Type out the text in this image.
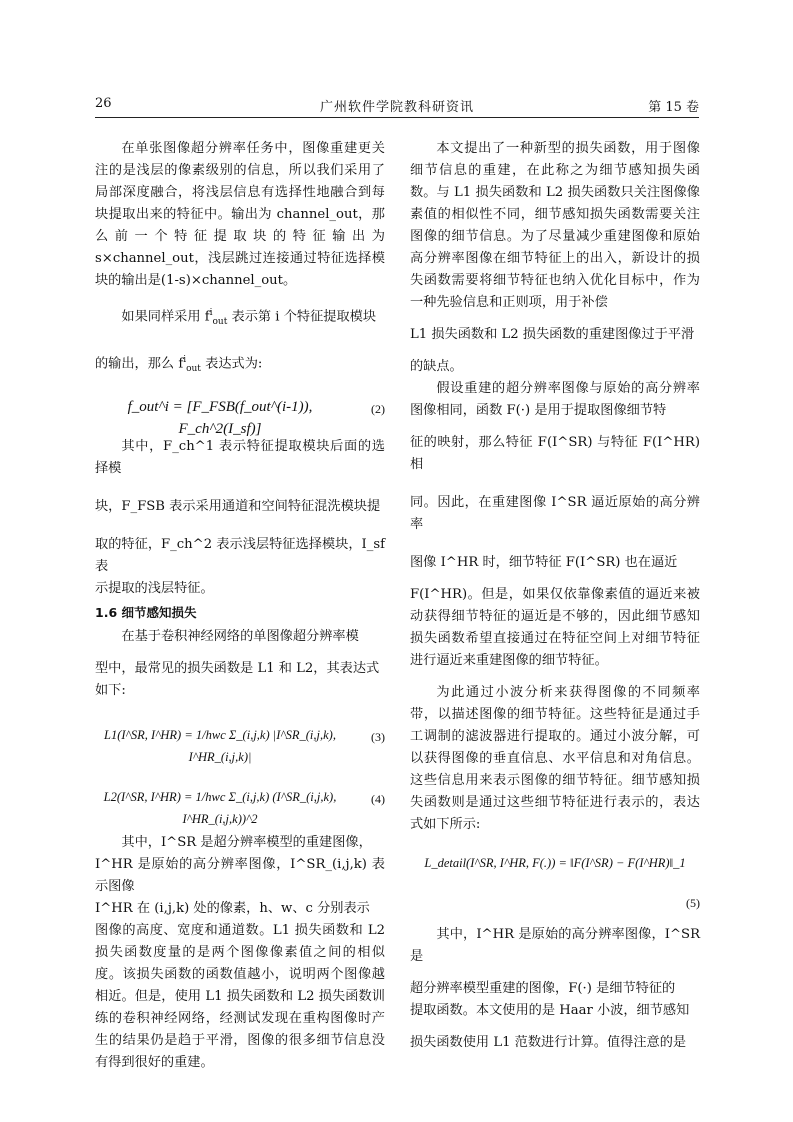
26	广州软件学院教科研资讯	第 15 卷

在单张图像超分辨率任务中，图像重建更关注的是浅层的像素级别的信息，所以我们采用了局部深度融合，将浅层信息有选择性地融合到每块提取出来的特征中。输出为 channel_out，那么前一个特征提取块的特征输出为 s×channel_out，浅层跳过连接通过特征选择模块的输出是(1-s)×channel_out。

如果同样采用 $f^i_{out}$ 表示第 i 个特征提取模块

的输出，那么 $f^i_{out}$ 表达式为:

f_out^i = [F_FSB(f_out^(i-1)), F_ch^2(I_sf)]
(2)

其中，F_ch^1 表示特征提取模块后面的选择模

块，F_FSB 表示采用通道和空间特征混洗模块提

取的特征，F_ch^2 表示浅层特征选择模块，I_sf 表

示提取的浅层特征。

1.6 细节感知损失

在基于卷积神经网络的单图像超分辨率模

型中，最常见的损失函数是 L1 和 L2，其表达式

如下:

L1(I^SR, I^HR) = 1/hwc Σ_(i,j,k) |I^SR_(i,j,k), I^HR_(i,j,k)|
(3)
L2(I^SR, I^HR) = 1/hwc Σ_(i,j,k) (I^SR_(i,j,k), I^HR_(i,j,k))^2
(4)

其中，I^SR 是超分辨率模型的重建图像，

I^HR 是原始的高分辨率图像，I^SR_(i,j,k) 表示图像

I^HR 在 (i,j,k) 处的像素，h、w、c 分别表示

图像的高度、宽度和通道数。L1 损失函数和 L2 损失函数度量的是两个图像像素值之间的相似度。该损失函数的函数值越小，说明两个图像越相近。但是，使用 L1 损失函数和 L2 损失函数训练的卷积神经网络，经测试发现在重构图像时产生的结果仍是趋于平滑，图像的很多细节信息没有得到很好的重建。

本文提出了一种新型的损失函数，用于图像细节信息的重建，在此称之为细节感知损失函数。与 L1 损失函数和 L2 损失函数只关注图像像素值的相似性不同，细节感知损失函数需要关注图像的细节信息。为了尽量减少重建图像和原始高分辨率图像在细节特征上的出入，新设计的损失函数需要将细节特征也纳入优化目标中，作为一种先验信息和正则项，用于补偿

L1 损失函数和 L2 损失函数的重建图像过于平滑

的缺点。

假设重建的超分辨率图像与原始的高分辨率图像相同，函数 F(·) 是用于提取图像细节特

征的映射，那么特征 F(I^SR) 与特征 F(I^HR) 相

同。因此，在重建图像 I^SR 逼近原始的高分辨率

图像 I^HR 时，细节特征 F(I^SR) 也在逼近

F(I^HR)。但是，如果仅依靠像素值的逼近来被动获得细节特征的逼近是不够的，因此细节感知损失函数希望直接通过在特征空间上对细节特征进行逼近来重建图像的细节特征。

为此通过小波分析来获得图像的不同频率带，以描述图像的细节特征。这些特征是通过手工调制的滤波器进行提取的。通过小波分解，可以获得图像的垂直信息、水平信息和对角信息。这些信息用来表示图像的细节特征。细节感知损失函数则是通过这些细节特征进行表示的，表达式如下所示:

L_detail(I^SR, I^HR, F(.)) = ‖F(I^SR) − F(I^HR)‖_1
(5)

其中，I^HR 是原始的高分辨率图像，I^SR 是

超分辨率模型重建的图像，F(·) 是细节特征的

提取函数。本文使用的是 Haar 小波，细节感知

损失函数使用 L1 范数进行计算。值得注意的是
